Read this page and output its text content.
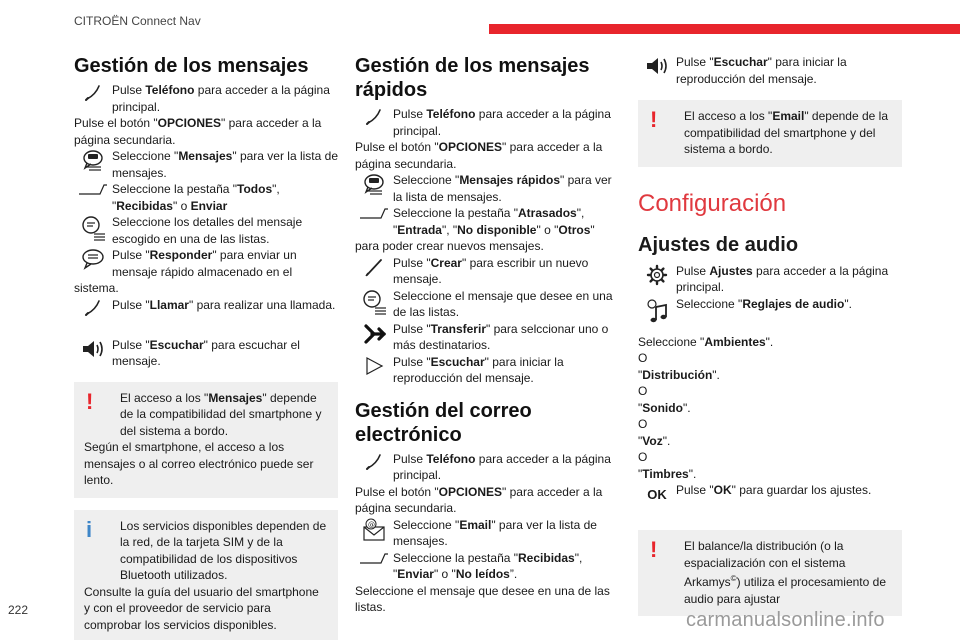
CITROËN Connect Nav
Gestión de los mensajes
Pulse Teléfono para acceder a la página principal.

Pulse el botón "OPCIONES" para acceder a la página secundaria.

Seleccione "Mensajes" para ver la lista de mensajes.
Seleccione la pestaña "Todos", "Recibidas" o Enviar
Seleccione los detalles del mensaje escogido en una de las listas.
Pulse "Responder" para enviar un mensaje rápido almacenado en el

sistema.

Pulse "Llamar" para realizar una llamada.
Pulse "Escuchar" para escuchar el mensaje.
!	El acceso a los "Mensajes" depende de la compatibilidad del smartphone y del sistema a bordo.
Según el smartphone, el acceso a los mensajes o al correo electrónico puede ser lento.
i	Los servicios disponibles dependen de la red, de la tarjeta SIM y de la compatibilidad de los dispositivos Bluetooth utilizados.
Consulte la guía del usuario del smartphone y con el proveedor de servicio para comprobar los servicios disponibles.
Gestión de los mensajes rápidos
Pulse Teléfono para acceder a la página principal.

Pulse el botón "OPCIONES" para acceder a la página secundaria.

Seleccione "Mensajes rápidos" para ver la lista de mensajes.
Seleccione la pestaña "Atrasados", "Entrada", "No disponible" o "Otros"

para poder crear nuevos mensajes.

Pulse "Crear" para escribir un nuevo mensaje.
Seleccione el mensaje que desee en una de las listas.
Pulse "Transferir" para selccionar uno o más destinatarios.
Pulse "Escuchar" para iniciar la reproducción del mensaje.
Gestión del correo electrónico
Pulse Teléfono para acceder a la página principal.

Pulse el botón "OPCIONES" para acceder a la página secundaria.

@ Seleccione "Email" para ver la lista de mensajes.
Seleccione la pestaña "Recibidas", "Enviar" o "No leídos”.

Seleccione el mensaje que desee en una de las listas.

Pulse "Escuchar" para iniciar la reproducción del mensaje.
!	El acceso a los "Email" depende de la compatibilidad del smartphone y del sistema a bordo.
Configuración
Ajustes de audio
Pulse Ajustes para acceder a la página principal.
Seleccione "Reglajes de audio".

Seleccione "Ambientes".

O

"Distribución".

O

"Sonido".

O

"Voz".

O

"Timbres".

OK Pulse "OK" para guardar los ajustes.
!	El balance/la distribución (o la espacialización con el sistema Arkamys©) utiliza el procesamiento de audio para ajustar
222	carmanualsonline.info
